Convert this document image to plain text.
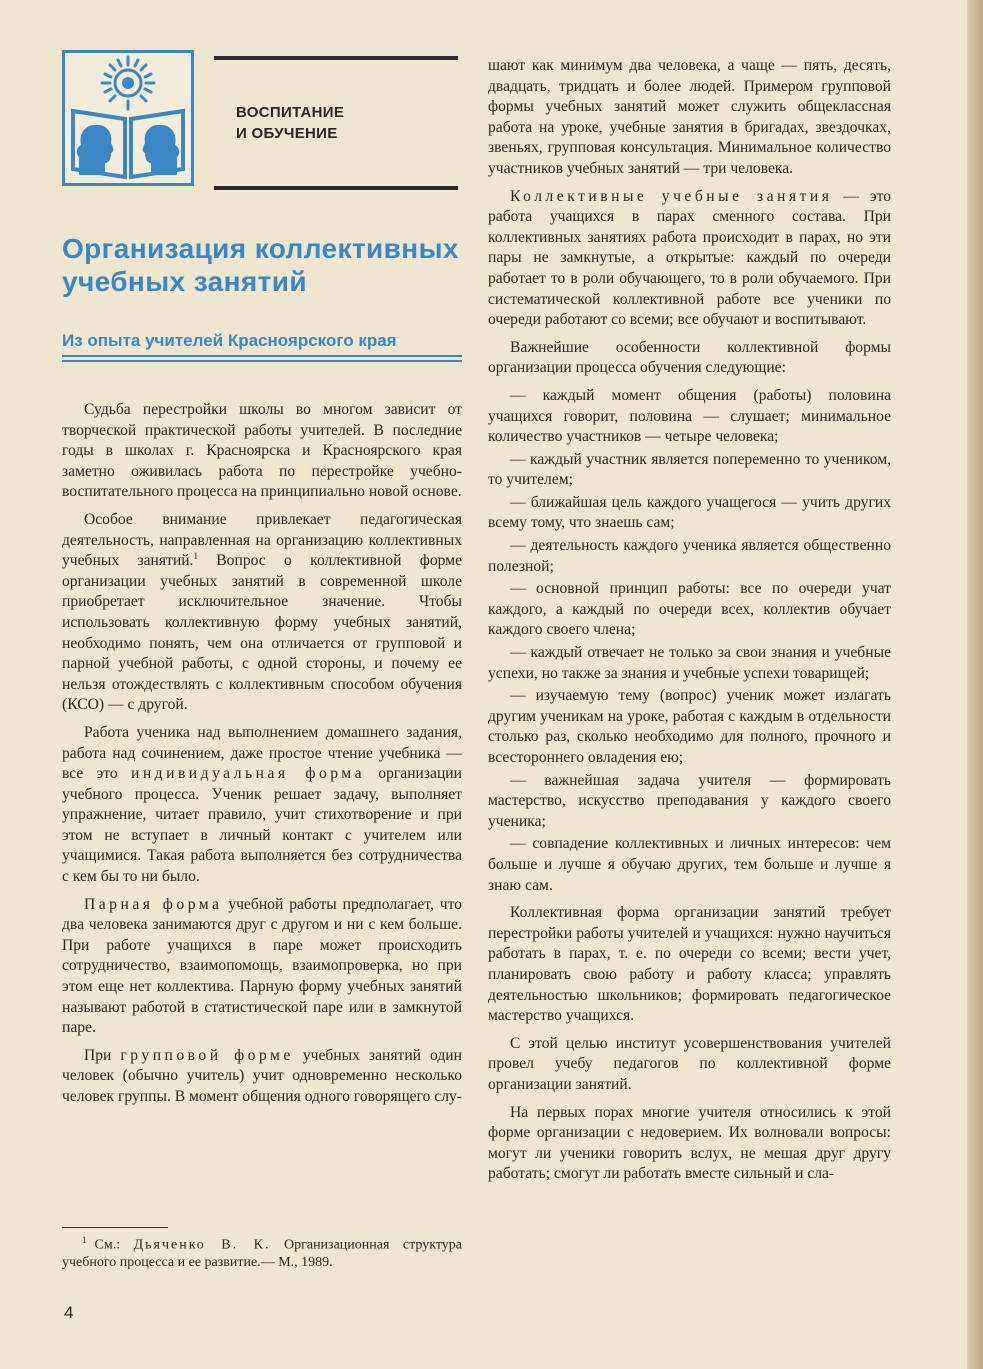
ВОСПИТАНИЕ
И ОБУЧЕНИЕ
Организация коллективных учебных занятий
Из опыта учителей Красноярского края

Судьба перестройки школы во многом зависит от творческой практической работы учителей. В последние годы в школах г. Красноярска и Красноярского края заметно оживилась работа по перестройке учебно-воспитательного процесса на принципиально новой основе.

Особое внимание привлекает педагогическая деятельность, направленная на организацию коллективных учебных занятий.$^1$ Вопрос о коллективной форме организации учебных занятий в современной школе приобретает исключительное значение. Чтобы использовать коллективную форму учебных занятий, необходимо понять, чем она отличается от групповой и парной учебной работы, с одной стороны, и почему ее нельзя отождествлять с коллективным способом обучения (КСО) — с другой.

Работа ученика над выполнением домашнего задания, работа над сочинением, даже простое чтение учебника — все это индивидуальная форма организации учебного процесса. Ученик решает задачу, выполняет упражнение, читает правило, учит стихотворение и при этом не вступает в личный контакт с учителем или учащимися. Такая работа выполняется без сотрудничества с кем бы то ни было.

Парная форма учебной работы предполагает, что два человека занимаются друг с другом и ни с кем больше. При работе учащихся в паре может происходить сотрудничество, взаимопомощь, взаимопроверка, но при этом еще нет коллектива. Парную форму учебных занятий называют работой в статистической паре или в замкнутой паре.

При групповой форме учебных занятий один человек (обычно учитель) учит одновременно несколько человек группы. В момент общения одного говорящего слу-

$^1$ См.: Дьяченко В. К. Организационная структура учебного процесса и ее развитие.— М., 1989.
4

шают как минимум два человека, а чаще — пять, десять, двадцать, тридцать и более людей. Примером групповой формы учебных занятий может служить общеклассная работа на уроке, учебные занятия в бригадах, звездочках, звеньях, групповая консультация. Минимальное количество участников учебных занятий — три человека.

Коллективные учебные занятия — это работа учащихся в парах сменного состава. При коллективных занятиях работа происходит в парах, но эти пары не замкнутые, а открытые: каждый по очереди работает то в роли обучающего, то в роли обучаемого. При систематической коллективной работе все ученики по очереди работают со всеми; все обучают и воспитывают.

Важнейшие особенности коллективной формы организации процесса обучения следующие:

— каждый момент общения (работы) половина учащихся говорит, половина — слушает; минимальное количество участников — четыре человека;

— каждый участник является попеременно то учеником, то учителем;

— ближайшая цель каждого учащегося — учить других всему тому, что знаешь сам;

— деятельность каждого ученика является общественно полезной;

— основной принцип работы: все по очереди учат каждого, а каждый по очереди всех, коллектив обучает каждого своего члена;

— каждый отвечает не только за свои знания и учебные успехи, но также за знания и учебные успехи товарищей;

— изучаемую тему (вопрос) ученик может излагать другим ученикам на уроке, работая с каждым в отдельности столько раз, сколько необходимо для полного, прочного и всестороннего овладения ею;

— важнейшая задача учителя — формировать мастерство, искусство преподавания у каждого своего ученика;

— совпадение коллективных и личных интересов: чем больше и лучше я обучаю других, тем больше и лучше я знаю сам.

Коллективная форма организации занятий требует перестройки работы учителей и учащихся: нужно научиться работать в парах, т. е. по очереди со всеми; вести учет, планировать свою работу и работу класса; управлять деятельностью школьников; формировать педагогическое мастерство учащихся.

С этой целью институт усовершенствования учителей провел учебу педагогов по коллективной форме организации занятий.

На первых порах многие учителя относились к этой форме организации с недоверием. Их волновали вопросы: могут ли ученики говорить вслух, не мешая друг другу работать; смогут ли работать вместе сильный и сла-
